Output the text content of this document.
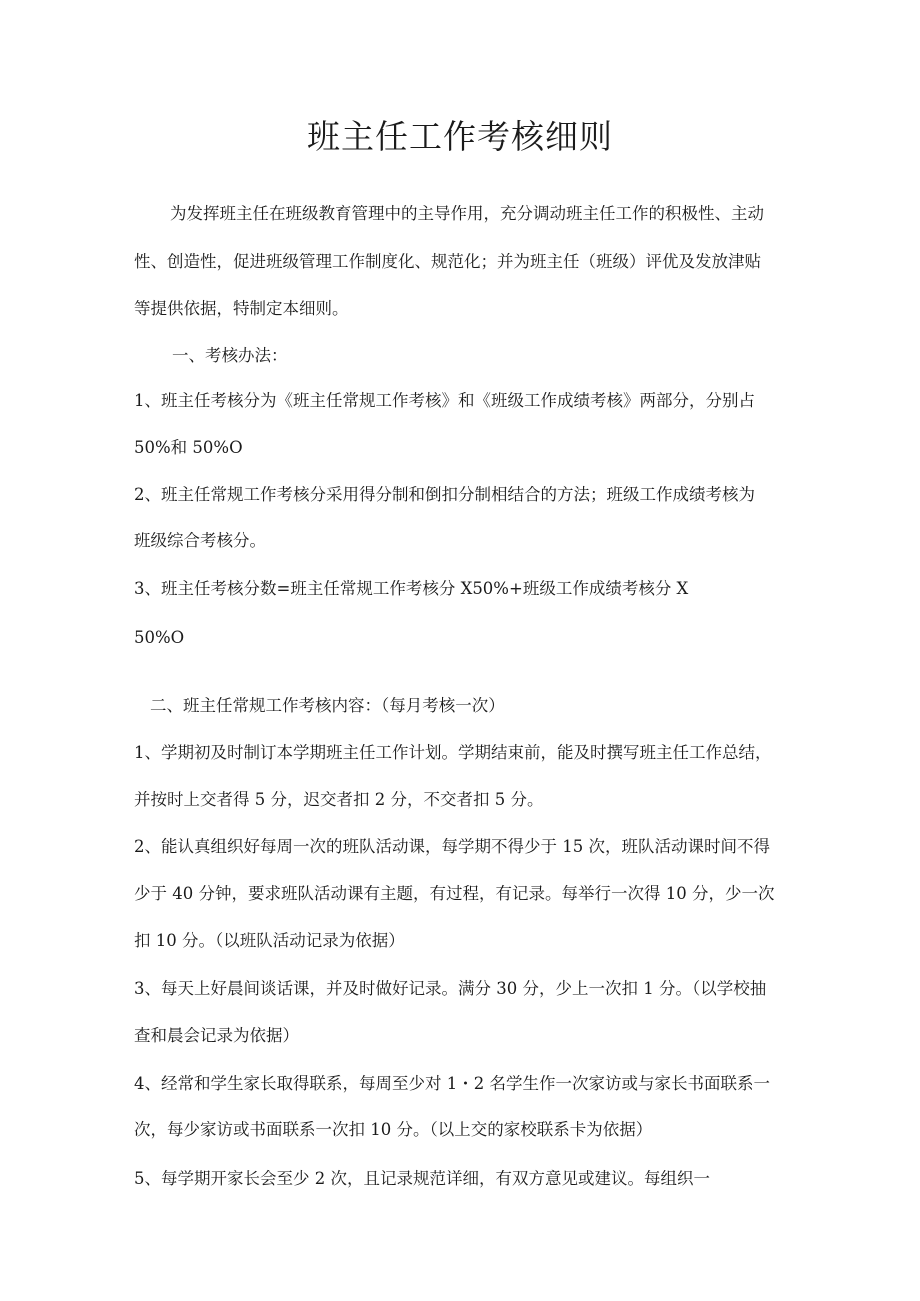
班主任工作考核细则
为发挥班主任在班级教育管理中的主导作用，充分调动班主任工作的积极性、主动
性、创造性，促进班级管理工作制度化、规范化；并为班主任（班级）评优及发放津贴
等提供依据，特制定本细则。
一、考核办法：
1、班主任考核分为《班主任常规工作考核》和《班级工作成绩考核》两部分，分别占
50%和 50%O
2、班主任常规工作考核分采用得分制和倒扣分制相结合的方法；班级工作成绩考核为
班级综合考核分。
3、班主任考核分数=班主任常规工作考核分 X50%+班级工作成绩考核分 X
50%O
二、班主任常规工作考核内容：（每月考核一次）
1、学期初及时制订本学期班主任工作计划。学期结束前，能及时撰写班主任工作总结，
并按时上交者得 5 分，迟交者扣 2 分，不交者扣 5 分。
2、能认真组织好每周一次的班队活动课，每学期不得少于 15 次，班队活动课时间不得
少于 40 分钟，要求班队活动课有主题，有过程，有记录。每举行一次得 10 分，少一次
扣 10 分。（以班队活动记录为依据）
3、每天上好晨间谈话课，并及时做好记录。满分 30 分，少上一次扣 1 分。（以学校抽
查和晨会记录为依据）
4、经常和学生家长取得联系，每周至少对 1・2 名学生作一次家访或与家长书面联系一
次，每少家访或书面联系一次扣 10 分。（以上交的家校联系卡为依据）
5、每学期开家长会至少 2 次，且记录规范详细，有双方意见或建议。每组织一
